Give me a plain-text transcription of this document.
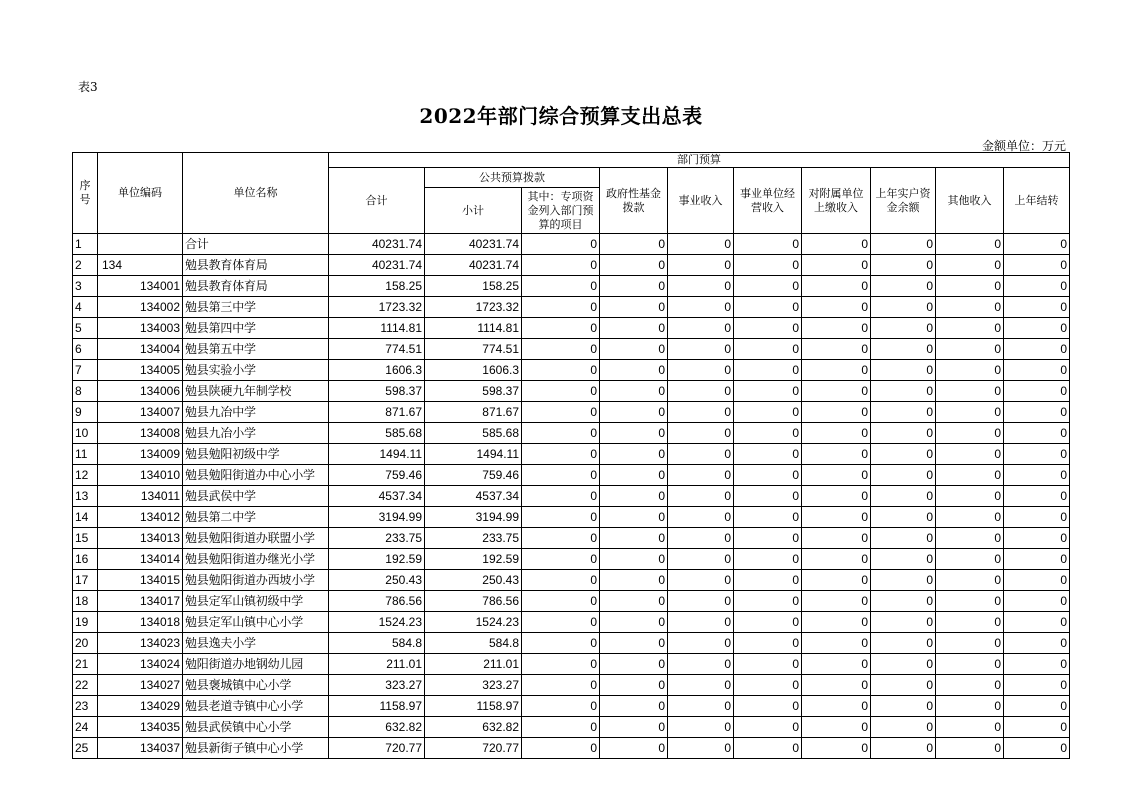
表3
2022年部门综合预算支出总表
金额单位：万元
序号	单位编码	单位名称	部门预算									
			合计	公共预算拨款		政府性基金拨款	事业收入	事业单位经营收入	对附属单位上缴收入	上年实户资金余额	其他收入	上年结转
				小计	其中：专项资金列入部门预算的项目							
1		合计	40231.74	40231.74	0	0	0	0	0	0	0	0
2	134	勉县教育体育局	40231.74	40231.74	0	0	0	0	0	0	0	0
3	134001	勉县教育体育局	158.25	158.25	0	0	0	0	0	0	0	0
4	134002	勉县第三中学	1723.32	1723.32	0	0	0	0	0	0	0	0
5	134003	勉县第四中学	1114.81	1114.81	0	0	0	0	0	0	0	0
6	134004	勉县第五中学	774.51	774.51	0	0	0	0	0	0	0	0
7	134005	勉县实验小学	1606.3	1606.3	0	0	0	0	0	0	0	0
8	134006	勉县陕硬九年制学校	598.37	598.37	0	0	0	0	0	0	0	0
9	134007	勉县九冶中学	871.67	871.67	0	0	0	0	0	0	0	0
10	134008	勉县九冶小学	585.68	585.68	0	0	0	0	0	0	0	0
11	134009	勉县勉阳初级中学	1494.11	1494.11	0	0	0	0	0	0	0	0
12	134010	勉县勉阳街道办中心小学	759.46	759.46	0	0	0	0	0	0	0	0
13	134011	勉县武侯中学	4537.34	4537.34	0	0	0	0	0	0	0	0
14	134012	勉县第二中学	3194.99	3194.99	0	0	0	0	0	0	0	0
15	134013	勉县勉阳街道办联盟小学	233.75	233.75	0	0	0	0	0	0	0	0
16	134014	勉县勉阳街道办继光小学	192.59	192.59	0	0	0	0	0	0	0	0
17	134015	勉县勉阳街道办西坡小学	250.43	250.43	0	0	0	0	0	0	0	0
18	134017	勉县定军山镇初级中学	786.56	786.56	0	0	0	0	0	0	0	0
19	134018	勉县定军山镇中心小学	1524.23	1524.23	0	0	0	0	0	0	0	0
20	134023	勉县逸夫小学	584.8	584.8	0	0	0	0	0	0	0	0
21	134024	勉阳街道办地钢幼儿园	211.01	211.01	0	0	0	0	0	0	0	0
22	134027	勉县褒城镇中心小学	323.27	323.27	0	0	0	0	0	0	0	0
23	134029	勉县老道寺镇中心小学	1158.97	1158.97	0	0	0	0	0	0	0	0
24	134035	勉县武侯镇中心小学	632.82	632.82	0	0	0	0	0	0	0	0
25	134037	勉县新街子镇中心小学	720.77	720.77	0	0	0	0	0	0	0	0
